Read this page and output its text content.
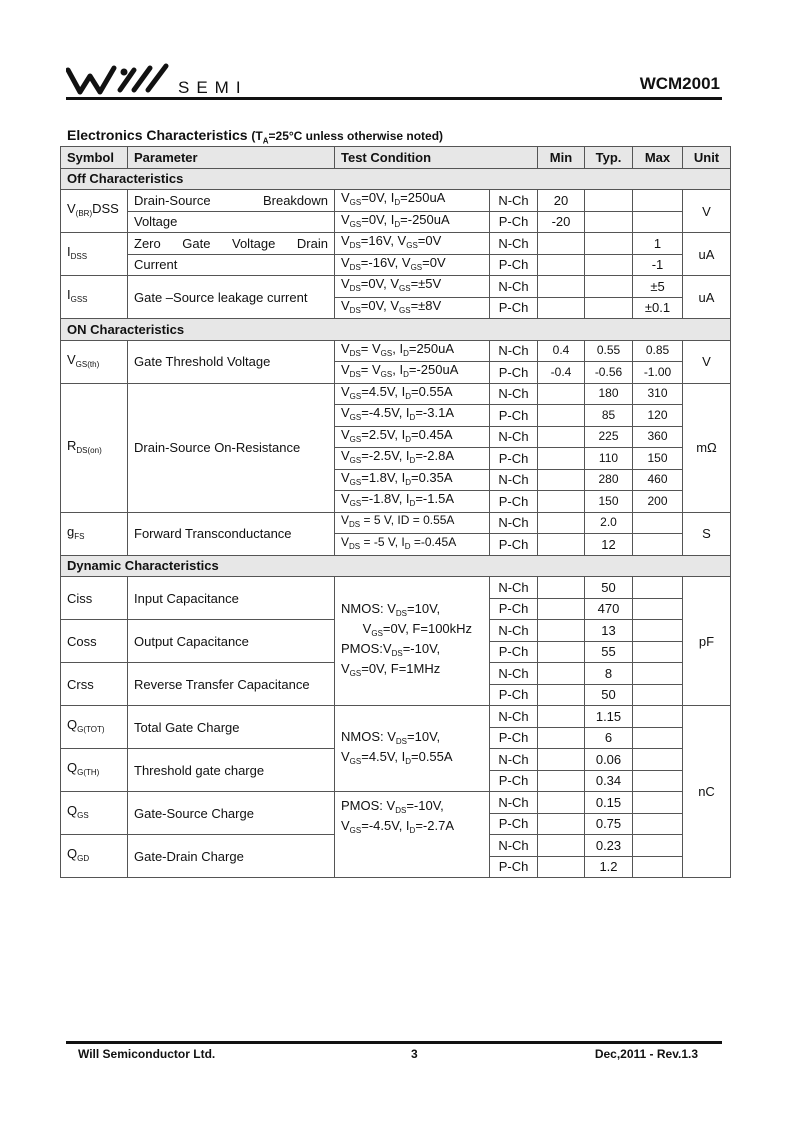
SEMI	WCM2001
Electronics Characteristics ($T_A=25^\circ C$ unless otherwise noted)
Symbol	Parameter	Test Condition		Min	Typ.	Max	Unit
Off Characteristics							
$V_{(BR)}DSS$	Drain-Source Breakdown	$V_{GS}=0V$, $I_D=250uA$	N-Ch	20			V
	Voltage	$V_{GS}=0V$, $I_D=-250uA$	P-Ch	-20			
$I_{DSS}$	Zero Gate Voltage Drain	$V_{DS}=16V$, $V_{GS}=0V$	N-Ch			1	uA
	Current	$V_{DS}=-16V$, $V_{GS}=0V$	P-Ch			-1	
$I_{GSS}$	Gate –Source leakage current	$V_{DS}=0V$, $V_{GS}=\pm 5V$	N-Ch			±5	uA
		$V_{DS}=0V$, $V_{GS}=\pm 8V$	P-Ch			±0.1	
ON Characteristics							
$V_{GS(th)}$	Gate Threshold Voltage	$V_{DS}= V_{GS}$, $I_D=250uA$	N-Ch	0.4	0.55	0.85	V
		$V_{DS}= V_{GS}$, $I_D=-250uA$	P-Ch	-0.4	-0.56	-1.00	
$R_{DS(on)}$	Drain-Source On-Resistance	$V_{GS}=4.5V$, $I_D=0.55A$	N-Ch		180	310	mΩ
		$V_{GS}=-4.5V$, $I_D=-3.1A$	P-Ch		85	120	
		$V_{GS}=2.5V$, $I_D=0.45A$	N-Ch		225	360	
		$V_{GS}=-2.5V$, $I_D=-2.8A$	P-Ch		110	150	
		$V_{GS}=1.8V$, $I_D=0.35A$	N-Ch		280	460	
		$V_{GS}=-1.8V$, $I_D=-1.5A$	P-Ch		150	200	
$g_{FS}$	Forward Transconductance	$V_{DS} = 5$ V, ID = 0.55A	N-Ch		2.0		S
		$V_{DS} = -5$ V, $I_D =-0.45A$	P-Ch		12		
Dynamic Characteristics							
Ciss	Input Capacitance	NMOS: $V_{DS}=10V$,
$V_{GS}=0V$, F=100kHz
$PMOS:V_{DS}=-10V$,
$V_{GS}=0V$, F=1MHz	N-Ch		50		pF
			P-Ch		470		
Coss	Output Capacitance		N-Ch		13		
			P-Ch		55		
Crss	Reverse Transfer Capacitance		N-Ch		8		
			P-Ch		50		
$Q_{G(TOT)}$	Total Gate Charge	NMOS: $V_{DS}=10V$,
$V_{GS}=4.5V$, $I_D=0.55A$	N-Ch		1.15		nC
			P-Ch		6		
$Q_{G(TH)}$	Threshold gate charge		N-Ch		0.06		
			P-Ch		0.34		
$Q_{GS}$	Gate-Source Charge	PMOS: $V_{DS}=-10V$,
$V_{GS}=-4.5V$, $I_D=-2.7A$	N-Ch		0.15		
			P-Ch		0.75		
$Q_{GD}$	Gate-Drain Charge		N-Ch		0.23		
			P-Ch		1.2		
Will Semiconductor Ltd.	3	Dec,2011 - Rev.1.3
